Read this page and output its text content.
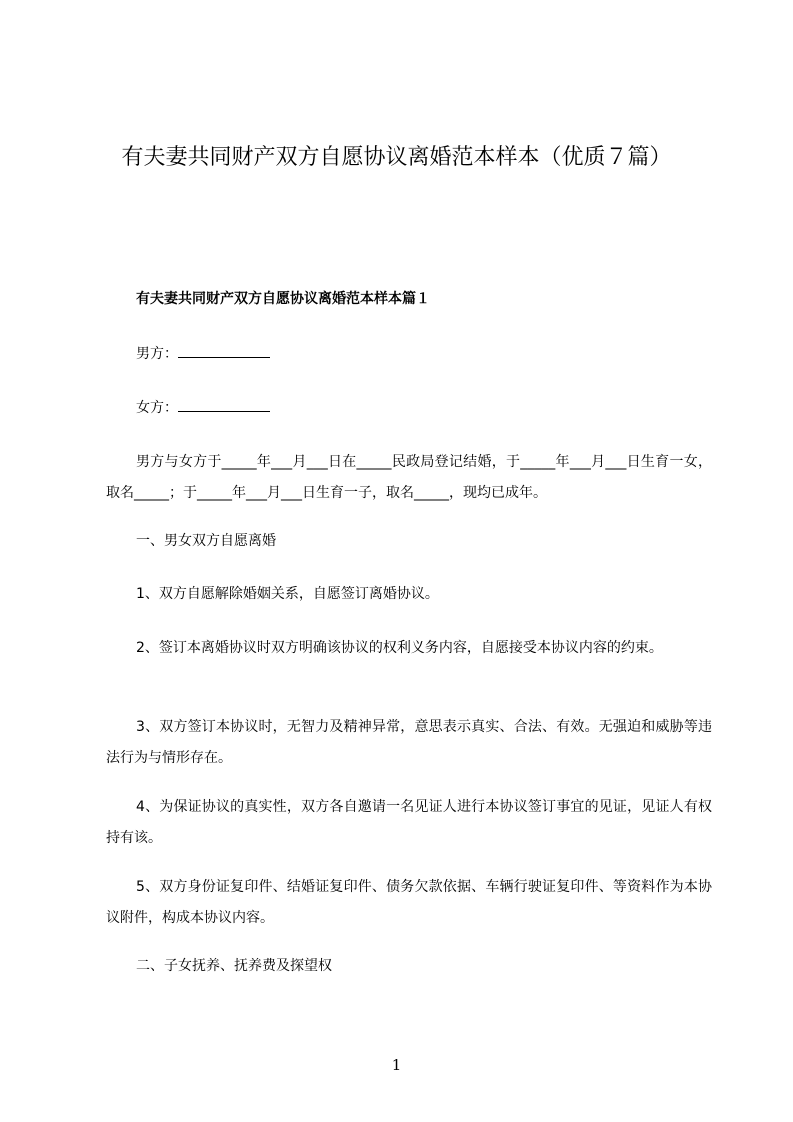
有夫妻共同财产双方自愿协议离婚范本样本（优质７篇）
有夫妻共同财产双方自愿协议离婚范本样本篇１

男方：

女方：

男方与女方于_____年___月___日在_____民政局登记结婚，于_____年___月___日生育一女，取名_____；于_____年___月___日生育一子，取名_____，现均已成年。

一、男女双方自愿离婚

1、双方自愿解除婚姻关系，自愿签订离婚协议。

2、签订本离婚协议时双方明确该协议的权利义务内容，自愿接受本协议内容的约束。

3、双方签订本协议时，无智力及精神异常，意思表示真实、合法、有效。无强迫和威胁等违法行为与情形存在。

4、为保证协议的真实性，双方各自邀请一名见证人进行本协议签订事宜的见证，见证人有权持有该。

5、双方身份证复印件、结婚证复印件、债务欠款依据、车辆行驶证复印件、等资料作为本协议附件，构成本协议内容。

二、子女抚养、抚养费及探望权

1
